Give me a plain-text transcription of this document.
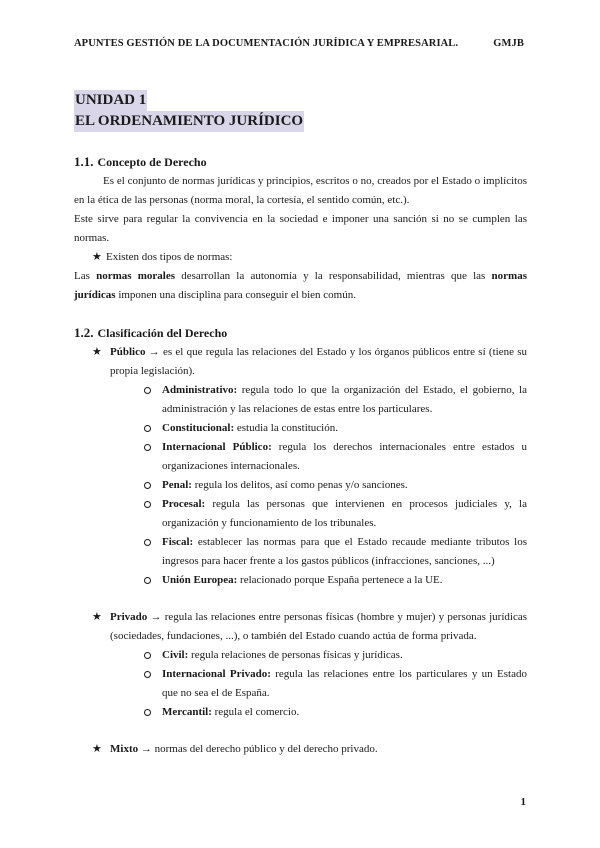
APUNTES GESTIÓN DE LA DOCUMENTACIÓN JURÍDICA Y EMPRESARIAL.	GMJB
UNIDAD 1
EL ORDENAMIENTO JURÍDICO
1.1. Concepto de Derecho

Es el conjunto de normas jurídicas y principios, escritos o no, creados por el Estado o implícitos en la ética de las personas (norma moral, la cortesía, el sentido común, etc.).

Este sirve para regular la convivencia en la sociedad e imponer una sanción si no se cumplen las normas.

★ Existen dos tipos de normas:

Las normas morales desarrollan la autonomía y la responsabilidad, mientras que las normas jurídicas imponen una disciplina para conseguir el bien común.

1.2. Clasificación del Derecho
★ Público → es el que regula las relaciones del Estado y los órganos públicos entre sí (tiene su propia legislación).
Administrativo: regula todo lo que la organización del Estado, el gobierno, la administración y las relaciones de estas entre los particulares.
Constitucional: estudia la constitución.
Internacional Público: regula los derechos internacionales entre estados u organizaciones internacionales.
Penal: regula los delitos, así como penas y/o sanciones.
Procesal: regula las personas que intervienen en procesos judiciales y, la organización y funcionamiento de los tribunales.
Fiscal: establecer las normas para que el Estado recaude mediante tributos los ingresos para hacer frente a los gastos públicos (infracciones, sanciones, ...)
Unión Europea: relacionado porque España pertenece a la UE.
★ Privado → regula las relaciones entre personas físicas (hombre y mujer) y personas jurídicas (sociedades, fundaciones, ...), o también del Estado cuando actúa de forma privada.
Civil: regula relaciones de personas físicas y jurídicas.
Internacional Privado: regula las relaciones entre los particulares y un Estado que no sea el de España.
Mercantil: regula el comercio.
★ Mixto → normas del derecho público y del derecho privado.
1
